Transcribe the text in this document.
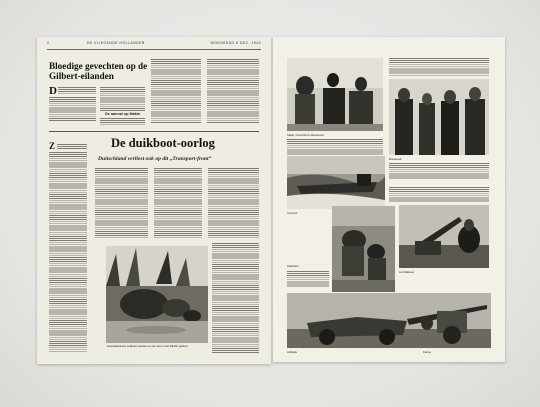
2	DE VLIEGENDE HOLLANDER	WOENSDAG 8 DEC. 1943
Bloedige gevechten op de Gilbert-eilanden
D
De aanval op Makin
De duikboot-oorlog
Duitschland verliest ook op dit „Transport-front”
Z
Amerikaansche soldaten landen op een atol in het Pacific-gebied
Stalin, Churchill en Roosevelt
Roosevelt
Convooi
Infanterie
Luchtafweer
Artillerie	Kanon
